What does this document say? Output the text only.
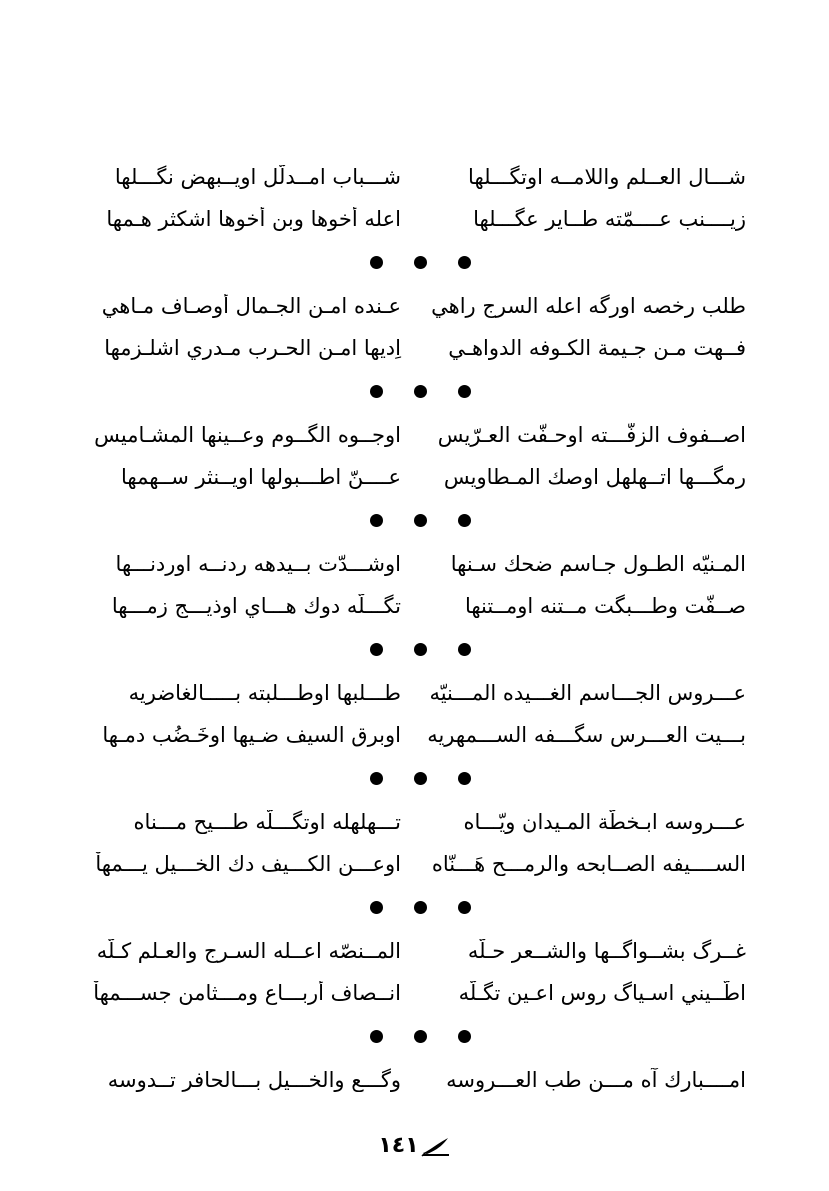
شـــال العــلم واللامــه اوتگـــلها
شـــباب امــدلّل اويــبهض نگـــلها
زيــــنب عــــمّته طــاير عگـــلها
اعله أخوها وبن أخوها اشكثر هـمها
طلب رخصه اورگه اعله السرج راهي
عـنده امـن الجـمال أوصـاف مـاهي
فــهت مـن جـيمة الكـوفه الدواهـي
اِديها امـن الحـرب مـدري اشلـزمها
اصــفوف الزفّـــته اوحـفّت العـرّيس
اوجــوه الگــوم وعــينها المشـاميس
رمگـــها اتــهلهل اوصك المـطاويس
عــــنّ اطـــبولها اويــنثر ســهمها
المـنيّه الطـول جـاسم ضحك سـنها
اوشـــدّت بــيدهه ردنــه اوردنـــها
صــفّت وطـــبگت مــتنه اومــتنها
تگـــلّه دوك هـــاي اوذيـــج زمـــها
عـــروس الجـــاسم الغـــيده المـــنيّه
طـــلبها اوطـــلبته بـــــالغاضريه
بـــيت العـــرس سگـــفه الســـمهريه
اوبرق السيف ضـيها اوخَـضُب دمـها
عـــروسه ابـخطّة المـيدان ويّـــاه
تـــهلهله اوتگـــلّه طـــيح مـــناه
الســــيفه الصــابحه والرمـــح هَـــنّاه
اوعـــن الكـــيف دك الخـــيل يـــمهاْ
غــرگ بشــواگــها والشــعر حـلّه
المــنصّه اعــله السـرج والعـلم كـلّه
اطّــيني اسـياگ روس اعـين تگـلّه
انــصاف أربـــاع ومـــثامن جســـمهاْ
امــــبارك آه مـــن طب العـــروسه
وگـــع والخـــيل بـــالحافر تــدوسه
١٤١
